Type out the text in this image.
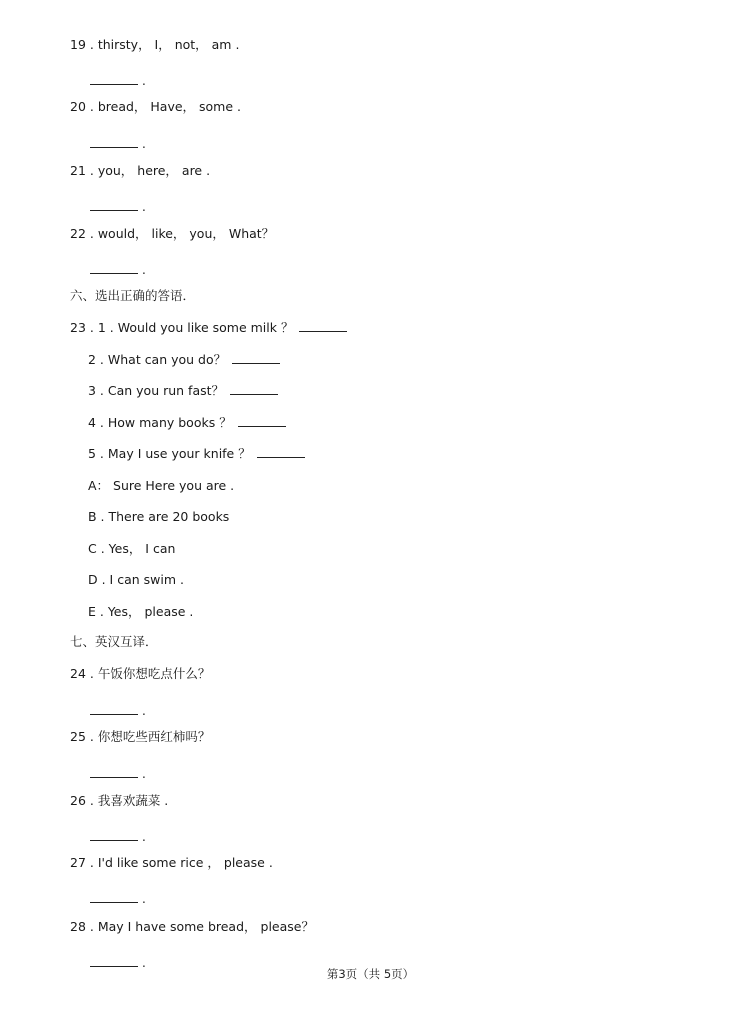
19 . thirsty， I， not， am .
.
20 . bread， Have， some .
.
21 . you， here， are .
.
22 . would， like， you， What？
.
六、选出正确的答语．
23 . 1 . Would you like some milk ？
2 . What can you do？
3 . Can you run fast？
4 . How many books ？
5 . May I use your knife ？
A： Sure Here you are .
B . There are 20 books
C . Yes， I can
D . I can swim .
E . Yes， please .
七、英汉互译．
24 . 午饭你想吃点什么？
.
25 . 你想吃些西红柿吗？
.
26 . 我喜欢蔬菜 .
.
27 . I'd like some rice ， please .
.
28 . May I have some bread， please？
.
第3页（共 5页）
